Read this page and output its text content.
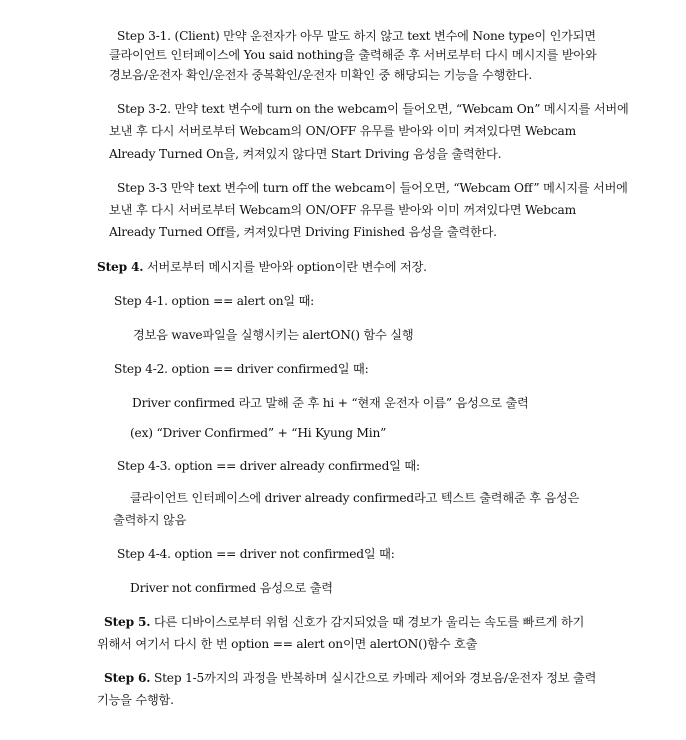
Step 3-1. (Client) 만약 운전자가 아무 말도 하지 않고 text 변수에 None type이 인가되면
클라이언트 인터페이스에 You said nothing을 출력해준 후 서버로부터 다시 메시지를 받아와
경보음/운전자 확인/운전자 중복확인/운전자 미확인 중 해당되는 기능을 수행한다.
Step 3-2. 만약 text 변수에 turn on the webcam이 들어오면, “Webcam On” 메시지를 서버에
보낸 후 다시 서버로부터 Webcam의 ON/OFF 유무를 받아와 이미 켜져있다면 Webcam
Already Turned On을, 켜져있지 않다면 Start Driving 음성을 출력한다.
Step 3-3 만약 text 변수에 turn off the webcam이 들어오면, “Webcam Off” 메시지를 서버에
보낸 후 다시 서버로부터 Webcam의 ON/OFF 유무를 받아와 이미 꺼져있다면 Webcam
Already Turned Off를, 켜져있다면 Driving Finished 음성을 출력한다.
Step 4. 서버로부터 메시지를 받아와 option이란 변수에 저장.
Step 4-1. option == alert on일 때:
경보음 wave파일을 실행시키는 alertON() 함수 실행
Step 4-2. option == driver confirmed일 때:
Driver confirmed 라고 말해 준 후 hi + “현재 운전자 이름” 음성으로 출력
(ex) “Driver Confirmed” + “Hi Kyung Min”
Step 4-3. option == driver already confirmed일 때:
클라이언트 인터페이스에 driver already confirmed라고 텍스트 출력해준 후 음성은
출력하지 않음
Step 4-4. option == driver not confirmed일 때:
Driver not confirmed 음성으로 출력
Step 5. 다른 디바이스로부터 위험 신호가 감지되었을 때 경보가 울리는 속도를 빠르게 하기
위해서 여기서 다시 한 번 option == alert on이면 alertON()함수 호출
Step 6. Step 1-5까지의 과정을 반복하며 실시간으로 카메라 제어와 경보음/운전자 정보 출력
기능을 수행함.
